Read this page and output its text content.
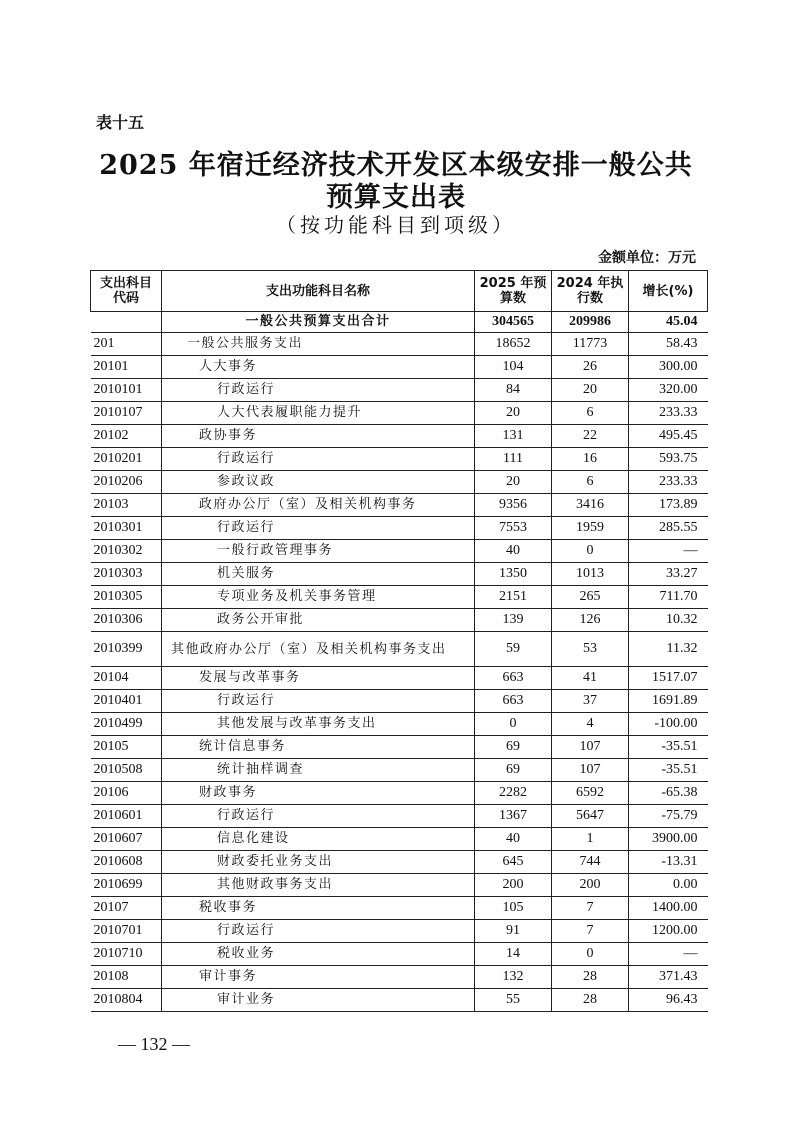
表十五
2025 年宿迁经济技术开发区本级安排一般公共
预算支出表
（按功能科目到项级）
金额单位：万元
支出科目代码	支出功能科目名称	2025 年预算数	2024 年执行数	增长(%)
	一般公共预算支出合计	304565	209986	45.04
201	一般公共服务支出	18652	11773	58.43
20101	人大事务	104	26	300.00
2010101	行政运行	84	20	320.00
2010107	人大代表履职能力提升	20	6	233.33
20102	政协事务	131	22	495.45
2010201	行政运行	111	16	593.75
2010206	参政议政	20	6	233.33
20103	政府办公厅（室）及相关机构事务	9356	3416	173.89
2010301	行政运行	7553	1959	285.55
2010302	一般行政管理事务	40	0	—
2010303	机关服务	1350	1013	33.27
2010305	专项业务及机关事务管理	2151	265	711.70
2010306	政务公开审批	139	126	10.32
2010399	其他政府办公厅（室）及相关机构事务支出	59	53	11.32
20104	发展与改革事务	663	41	1517.07
2010401	行政运行	663	37	1691.89
2010499	其他发展与改革事务支出	0	4	-100.00
20105	统计信息事务	69	107	-35.51
2010508	统计抽样调查	69	107	-35.51
20106	财政事务	2282	6592	-65.38
2010601	行政运行	1367	5647	-75.79
2010607	信息化建设	40	1	3900.00
2010608	财政委托业务支出	645	744	-13.31
2010699	其他财政事务支出	200	200	0.00
20107	税收事务	105	7	1400.00
2010701	行政运行	91	7	1200.00
2010710	税收业务	14	0	—
20108	审计事务	132	28	371.43
2010804	审计业务	55	28	96.43
— 132 —
